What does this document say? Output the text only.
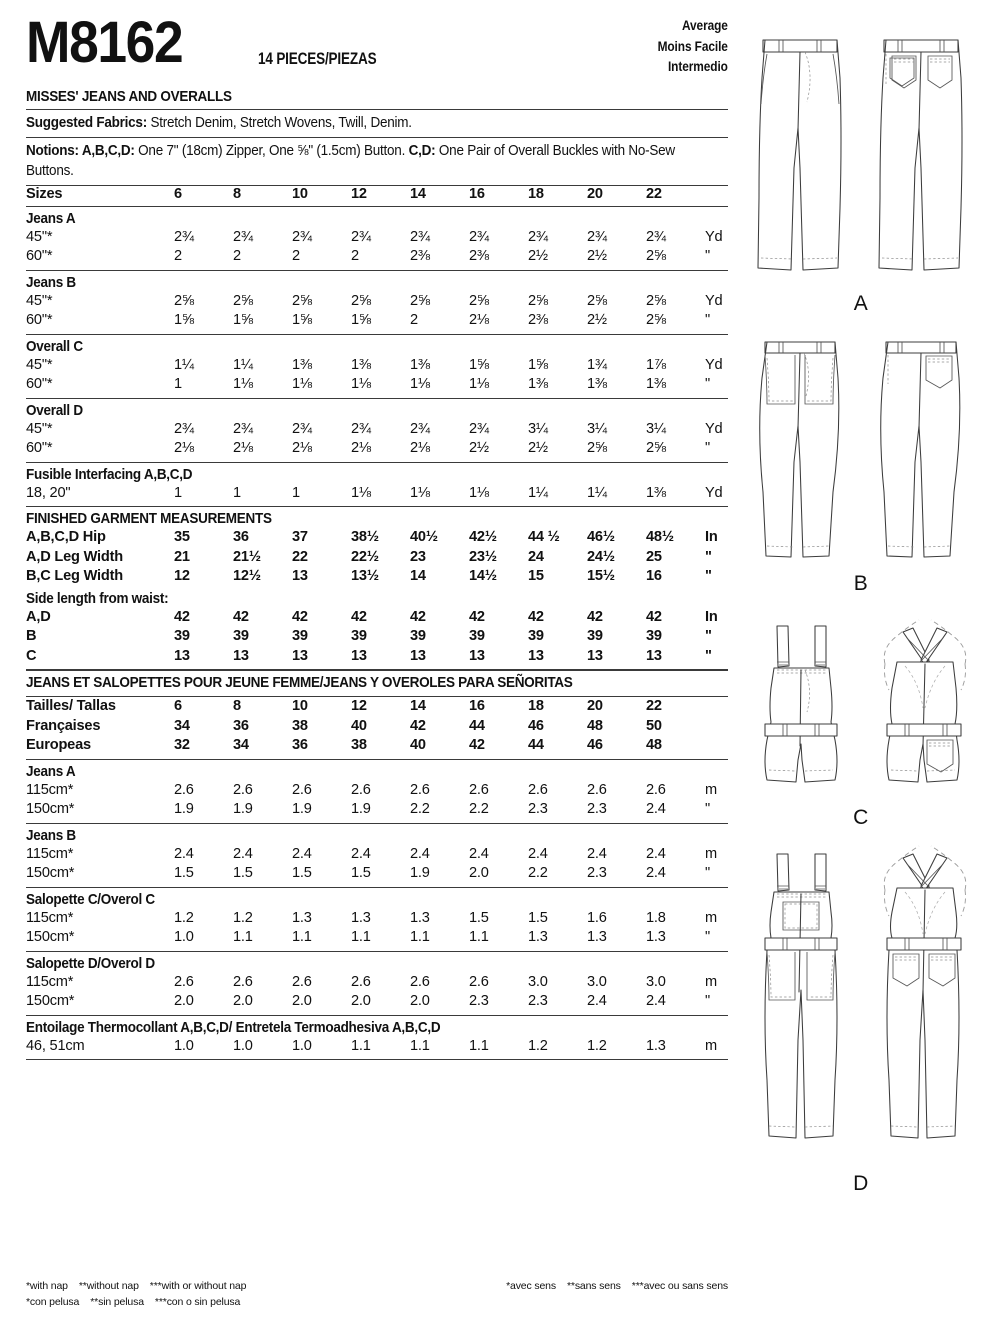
M8162	14 PIECES/PIEZAS
Average
Moins Facile
Intermedio
MISSES' JEANS AND OVERALLS
Suggested Fabrics: Stretch Denim, Stretch Wovens, Twill, Denim.
Notions: A,B,C,D: One 7" (18cm) Zipper, One ⅝" (1.5cm) Button. C,D: One Pair of Overall Buckles with No-Sew Buttons.
Sizes	6	8	10	12	14	16	18	20	22
Jeans A
45"*	2¾	2¾	2¾	2¾	2¾	2¾	2¾	2¾	2¾	Yd
60"*	2	2	2	2	2⅜	2⅜	2½	2½	2⅝	"
Jeans B
45"*	2⅝	2⅝	2⅝	2⅝	2⅝	2⅝	2⅝	2⅝	2⅝	Yd
60"*	1⅝	1⅝	1⅝	1⅝	2	2⅛	2⅜	2½	2⅝	"
Overall C
45"*	1¼	1¼	1⅜	1⅜	1⅜	1⅝	1⅝	1¾	1⅞	Yd
60"*	1	1⅛	1⅛	1⅛	1⅛	1⅛	1⅜	1⅜	1⅜	"
Overall D
45"*	2¾	2¾	2¾	2¾	2¾	2¾	3¼	3¼	3¼	Yd
60"*	2⅛	2⅛	2⅛	2⅛	2⅛	2½	2½	2⅝	2⅝	"
Fusible Interfacing A,B,C,D
18, 20"	1	1	1	1⅛	1⅛	1⅛	1¼	1¼	1⅜	Yd
FINISHED GARMENT MEASUREMENTS
A,B,C,D Hip	35	36	37	38½	40½	42½	44 ½	46½	48½	In
A,D Leg Width	21	21½	22	22½	23	23½	24	24½	25	"
B,C Leg Width	12	12½	13	13½	14	14½	15	15½	16	"
Side length from waist:
A,D	42	42	42	42	42	42	42	42	42	In
B	39	39	39	39	39	39	39	39	39	"
C	13	13	13	13	13	13	13	13	13	"
JEANS ET SALOPETTES POUR JEUNE FEMME/JEANS Y OVEROLES PARA SEÑORITAS
Tailles/ Tallas	6	8	10	12	14	16	18	20	22
Françaises	34	36	38	40	42	44	46	48	50
Europeas	32	34	36	38	40	42	44	46	48
Jeans A
115cm*	2.6	2.6	2.6	2.6	2.6	2.6	2.6	2.6	2.6	m
150cm*	1.9	1.9	1.9	1.9	2.2	2.2	2.3	2.3	2.4	"
Jeans B
115cm*	2.4	2.4	2.4	2.4	2.4	2.4	2.4	2.4	2.4	m
150cm*	1.5	1.5	1.5	1.5	1.9	2.0	2.2	2.3	2.4	"
Salopette C/Overol C
115cm*	1.2	1.2	1.3	1.3	1.3	1.5	1.5	1.6	1.8	m
150cm*	1.0	1.1	1.1	1.1	1.1	1.1	1.3	1.3	1.3	"
Salopette D/Overol D
115cm*	2.6	2.6	2.6	2.6	2.6	2.6	3.0	3.0	3.0	m
150cm*	2.0	2.0	2.0	2.0	2.0	2.3	2.3	2.4	2.4	"
Entoilage Thermocollant A,B,C,D/ Entretela Termoadhesiva A,B,C,D
46, 51cm	1.0	1.0	1.0	1.1	1.1	1.1	1.2	1.2	1.3	m
*with nap **without nap ***with or without nap	*avec sens **sans sens ***avec ou sans sens
*con pelusa **sin pelusa ***con o sin pelusa
A
B
C
D
